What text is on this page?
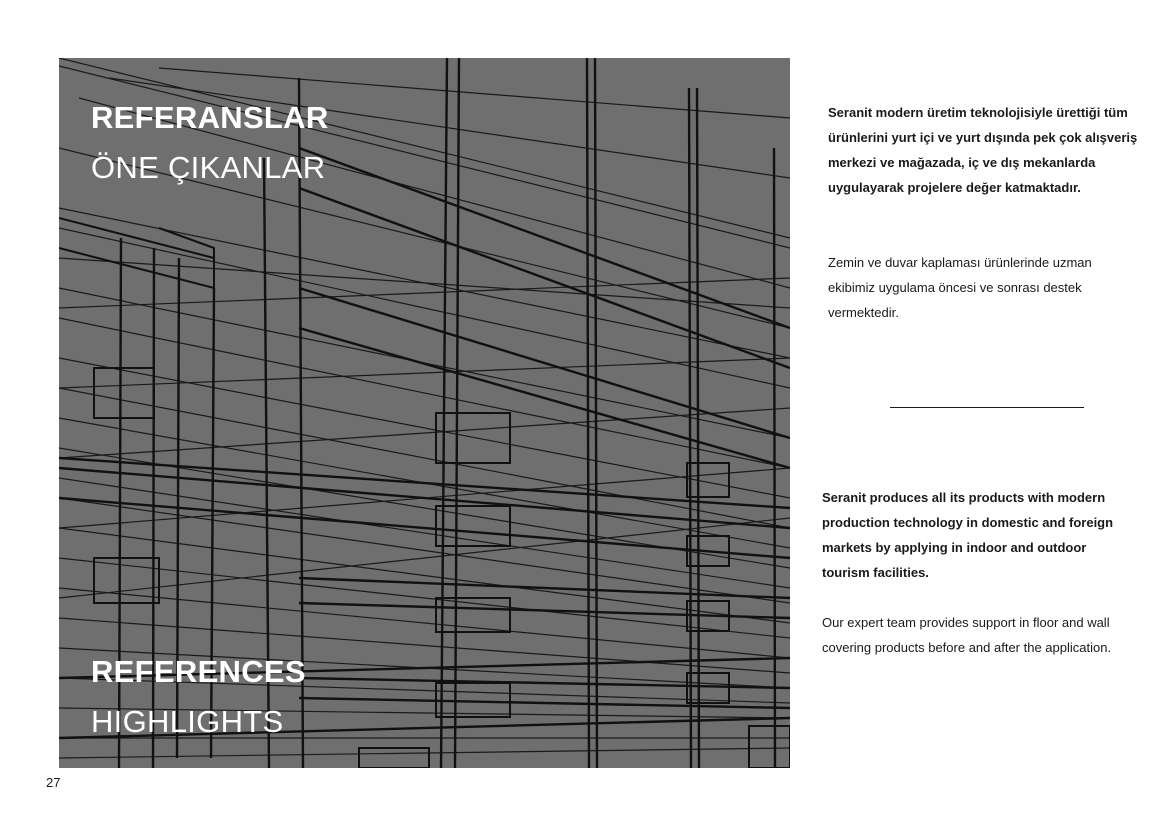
REFERANSLAR
ÖNE ÇIKANLAR
REFERENCES
HIGHLIGHTS

Seranit modern üretim teknolojisiyle ürettiği tüm ürünlerini yurt içi ve yurt dışında pek çok alışveriş merkezi ve mağazada, iç ve dış mekanlarda uygulayarak projelere değer katmaktadır.

Zemin ve duvar kaplaması ürünlerinde uzman ekibimiz uygulama öncesi ve sonrası destek vermektedir.

Seranit produces all its products with modern production technology in domestic and foreign markets by applying in indoor and outdoor tourism facilities.

Our expert team provides support in floor and wall covering products before and after the application.

27
